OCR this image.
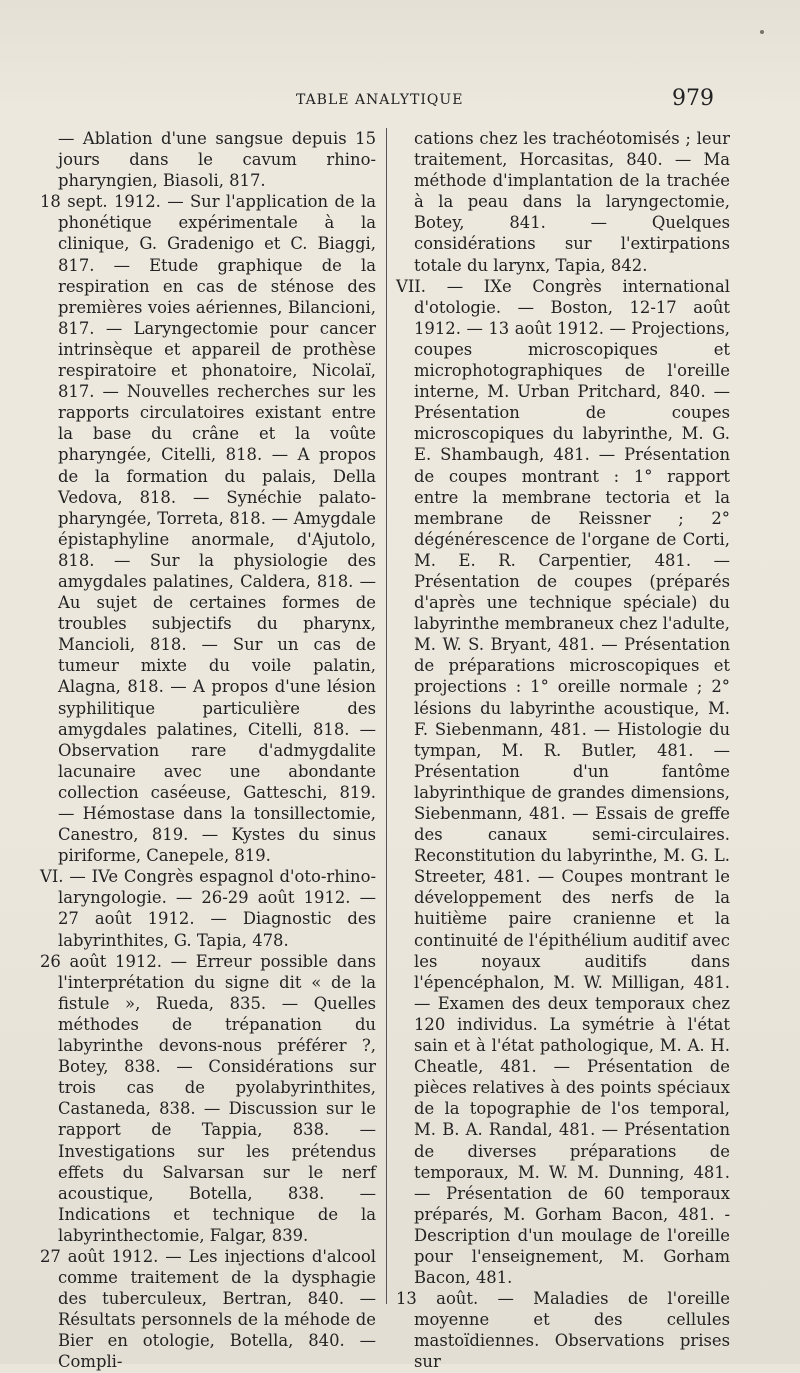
TABLE ANALYTIQUE	979

— Ablation d'une sangsue depuis 15 jours dans le cavum rhino-pharyngien, Biasoli, 817.

18 sept. 1912. — Sur l'application de la phonétique expérimentale à la clinique, G. Gradenigo et C. Biaggi, 817. — Etude graphique de la respiration en cas de sténose des premières voies aériennes, Bilancioni, 817. — Laryngectomie pour cancer intrinsèque et appareil de prothèse respiratoire et phonatoire, Nicolaï, 817. — Nouvelles recherches sur les rapports circulatoires existant entre la base du crâne et la voûte pharyngée, Citelli, 818. — A propos de la formation du palais, Della Vedova, 818. — Synéchie palato-pharyngée, Torreta, 818. — Amygdale épistaphyline anormale, d'Ajutolo, 818. — Sur la physiologie des amygdales palatines, Caldera, 818. — Au sujet de certaines formes de troubles subjectifs du pharynx, Mancioli, 818. — Sur un cas de tumeur mixte du voile palatin, Alagna, 818. — A propos d'une lésion syphilitique particulière des amygdales palatines, Citelli, 818. — Observation rare d'admygdalite lacunaire avec une abondante collection caséeuse, Gatteschi, 819. — Hémostase dans la tonsillectomie, Canestro, 819. — Kystes du sinus piriforme, Canepele, 819.

VI. — IVe Congrès espagnol d'oto-rhino-laryngologie. — 26-29 août 1912. — 27 août 1912. — Diagnostic des labyrinthites, G. Tapia, 478.

26 août 1912. — Erreur possible dans l'interprétation du signe dit « de la fistule », Rueda, 835. — Quelles méthodes de trépanation du labyrinthe devons-nous préférer ?, Botey, 838. — Considérations sur trois cas de pyolabyrinthites, Castaneda, 838. — Discussion sur le rapport de Tappia, 838. — Investigations sur les prétendus effets du Salvarsan sur le nerf acoustique, Botella, 838. — Indications et technique de la labyrinthectomie, Falgar, 839.

27 août 1912. — Les injections d'alcool comme traitement de la dysphagie des tuberculeux, Bertran, 840. — Résultats personnels de la méhode de Bier en otologie, Botella, 840. — Compli-

cations chez les trachéotomisés ; leur traitement, Horcasitas, 840. — Ma méthode d'implantation de la trachée à la peau dans la laryngectomie, Botey, 841. — Quelques considérations sur l'extirpations totale du larynx, Tapia, 842.

VII. — IXe Congrès international d'otologie. — Boston, 12-17 août 1912. — 13 août 1912. — Projections, coupes microscopiques et microphotographiques de l'oreille interne, M. Urban Pritchard, 840. — Présentation de coupes microscopiques du labyrinthe, M. G. E. Shambaugh, 481. — Présentation de coupes montrant : 1° rapport entre la membrane tectoria et la membrane de Reissner ; 2° dégénérescence de l'organe de Corti, M. E. R. Carpentier, 481. — Présentation de coupes (préparés d'après une technique spéciale) du labyrinthe membraneux chez l'adulte, M. W. S. Bryant, 481. — Présentation de préparations microscopiques et projections : 1° oreille normale ; 2° lésions du labyrinthe acoustique, M. F. Siebenmann, 481. — Histologie du tympan, M. R. Butler, 481. — Présentation d'un fantôme labyrinthique de grandes dimensions, Siebenmann, 481. — Essais de greffe des canaux semi-circulaires. Reconstitution du labyrinthe, M. G. L. Streeter, 481. — Coupes montrant le développement des nerfs de la huitième paire cranienne et la continuité de l'épithélium auditif avec les noyaux auditifs dans l'épencéphalon, M. W. Milligan, 481. — Examen des deux temporaux chez 120 individus. La symétrie à l'état sain et à l'état pathologique, M. A. H. Cheatle, 481. — Présentation de pièces relatives à des points spéciaux de la topographie de l'os temporal, M. B. A. Randal, 481. — Présentation de diverses préparations de temporaux, M. W. M. Dunning, 481. — Présentation de 60 temporaux préparés, M. Gorham Bacon, 481. - Description d'un moulage de l'oreille pour l'enseignement, M. Gorham Bacon, 481.

13 août. — Maladies de l'oreille moyenne et des cellules mastoïdiennes. Observations prises sur
